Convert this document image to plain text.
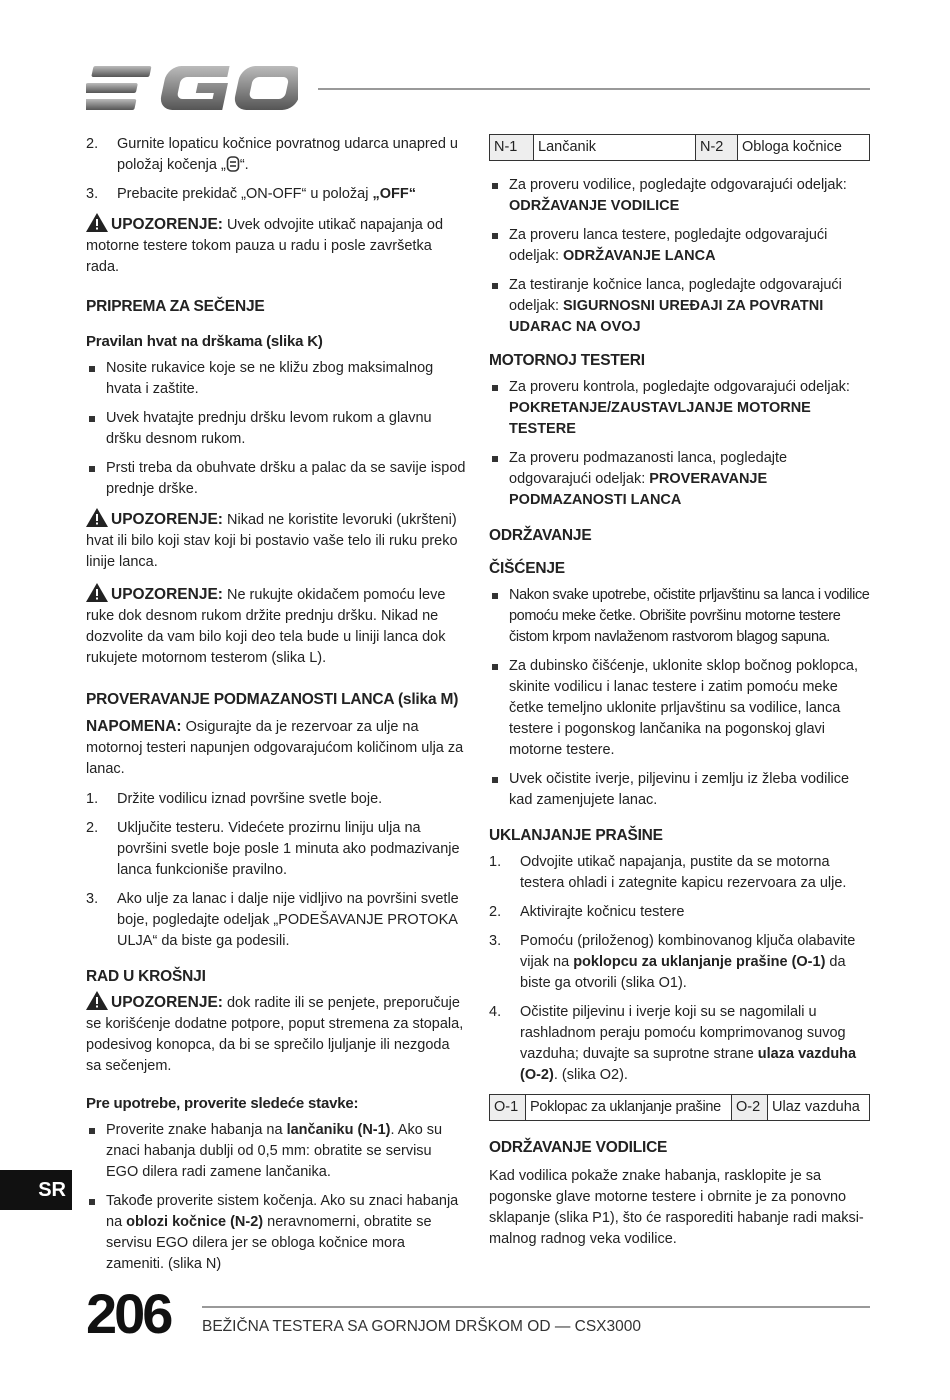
2. Gurnite lopaticu kočnice povratnog udarca unapred u položaj kočenja „ “.
3. Prebacite prekidač „ON-OFF“ u položaj „OFF“

UPOZORENJE: Uvek odvojite utikač napajanja od motorne testere tokom pauza u radu i posle završetka rada.

PRIPREMA ZA SEČENJE
Pravilan hvat na drškama (slika K)
Nosite rukavice koje se ne kližu zbog maksimalnog hvata i zaštite.
Uvek hvatajte prednju dršku levom rukom a glavnu dršku desnom rukom.
Prsti treba da obuhvate dršku a palac da se savije ispod prednje drške.

UPOZORENJE: Nikad ne koristite levoruki (ukršteni) hvat ili bilo koji stav koji bi postavio vaše telo ili ruku preko linije lanca.

UPOZORENJE: Ne rukujte okidačem pomoću leve ruke dok desnom rukom držite prednju dršku. Nikad ne dozvolite da vam bilo koji deo tela bude u liniji lanca dok rukujete motornom testerom (slika L).

PROVERAVANJE PODMAZANOSTI LANCA (slika M)

NAPOMENA: Osigurajte da je rezervoar za ulje na motornoj testeri napunjen odgovarajućom količinom ulja za lanac.

1. Držite vodilicu iznad površine svetle boje.
2. Uključite testeru. Videćete prozirnu liniju ulja na površini svetle boje posle 1 minuta ako podmazivanje lanca funkcioniše pravilno.
3. Ako ulje za lanac i dalje nije vidljivo na površini svetle boje, pogledajte odeljak „PODEŠAVANJE PROTOKA ULJA“ da biste ga podesili.
RAD U KROŠNJI

UPOZORENJE: dok radite ili se penjete, preporučuje se korišćenje dodatne potpore, poput stremena za stopala, podesivog konopca, da bi se sprečilo ljuljanje ili nezgoda sa sečenjem.

Pre upotrebe, proverite sledeće stavke:
Proverite znake habanja na lančaniku (N-1). Ako su znaci habanja dublji od 0,5 mm: obratite se servisu EGO dilera radi zamene lančanika.
Takođe proverite sistem kočenja. Ako su znaci habanja na oblozi kočnice (N-2) neravnomerni, obratite se servisu EGO dilera jer se obloga kočnice mora zameniti. (slika N)
N-1	Lančanik	N-2	Obloga kočnice
Za proveru vodilice, pogledajte odgovarajući odeljak: ODRŽAVANJE VODILICE
Za proveru lanca testere, pogledajte odgovarajući odeljak: ODRŽAVANJE LANCA
Za testiranje kočnice lanca, pogledajte odgovarajući odeljak: SIGURNOSNI UREĐAJI ZA POVRATNI UDARAC NA OVOJ
MOTORNOJ TESTERI
Za proveru kontrola, pogledajte odgovarajući odeljak: POKRETANJE/ZAUSTAVLJANJE MOTORNE TESTERE
Za proveru podmazanosti lanca, pogledajte odgovarajući odeljak: PROVERAVANJE PODMAZANOSTI LANCA
ODRŽAVANJE
ČIŠĆENJE
Nakon svake upotrebe, očistite prljavštinu sa lanca i vodilice pomoću meke četke. Obrišite površinu motorne testere čistom krpom navlaženom rastvorom blagog sapuna.
Za dubinsko čišćenje, uklonite sklop bočnog poklopca, skinite vodilicu i lanac testere i zatim pomoću meke četke temeljno uklonite prljavštinu sa vodilice, lanca testere i pogonskog lančanika na pogonskoj glavi motorne testere.
Uvek očistite iverje, piljevinu i zemlju iz žleba vodilice kad zamenjujete lanac.
UKLANJANJE PRAŠINE
1. Odvojite utikač napajanja, pustite da se motorna testera ohladi i zategnite kapicu rezervoara za ulje.
2. Aktivirajte kočnicu testere
3. Pomoću (priloženog) kombinovanog ključa olabavite vijak na poklopcu za uklanjanje prašine (O-1) da biste ga otvorili (slika O1).
4. Očistite piljevinu i iverje koji su se nagomilali u rashladnom peraju pomoću komprimovanog suvog vazduha; duvajte sa suprotne strane ulaza vazduha (O-2). (slika O2).
O-1	Poklopac za uklanjanje prašine	O-2	Ulaz vazduha
ODRŽAVANJE VODILICE

Kad vodilica pokaže znake habanja, rasklopite je sa pogonske glave motorne testere i obrnite je za ponovno sklapanje (slika P1), što će rasporediti habanje radi maksi-malnog radnog veka vodilice.

SR
206 BEŽIČNA TESTERA SA GORNJOM DRŠKOM OD — CSX3000
